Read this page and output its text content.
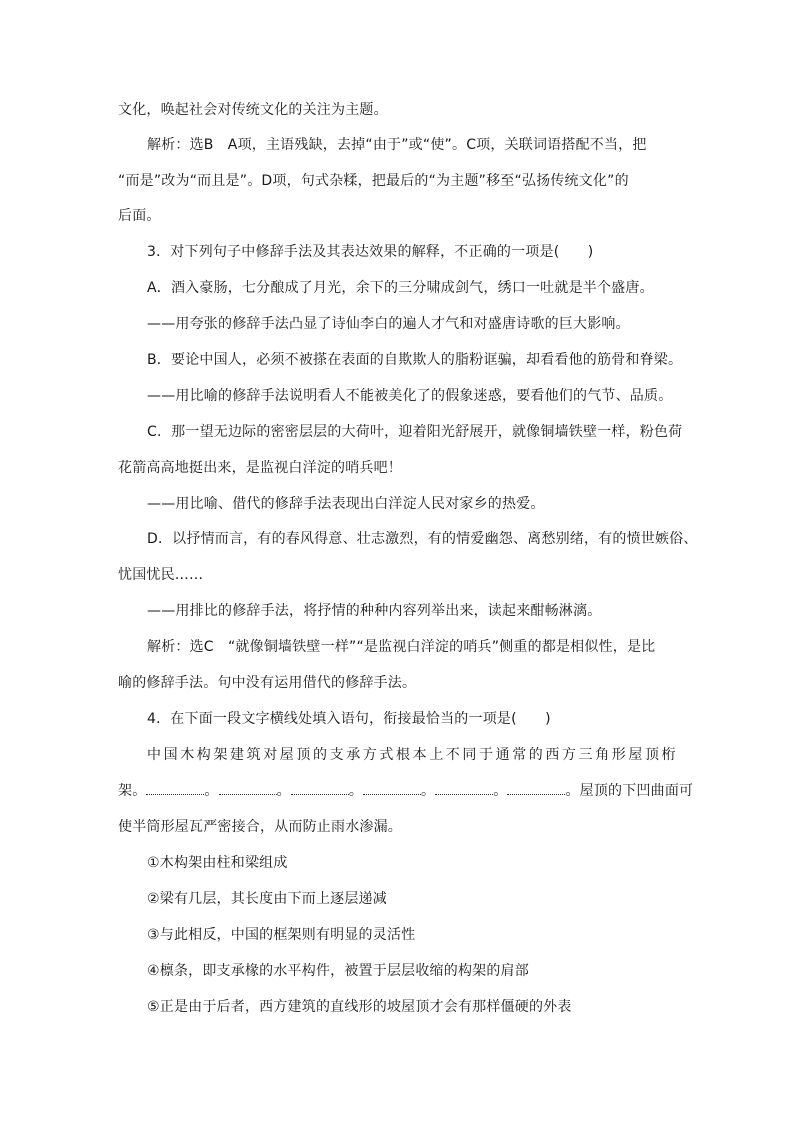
文化，唤起社会对传统文化的关注为主题。
解析：选B　A项，主语残缺，去掉“由于”或“使”。C项，关联词语搭配不当，把
“而是”改为“而且是”。D项，句式杂糅，把最后的“为主题”移至“弘扬传统文化”的
后面。
3．对下列句子中修辞手法及其表达效果的解释，不正确的一项是(　　)
A．酒入豪肠，七分酿成了月光，余下的三分啸成剑气，绣口一吐就是半个盛唐。
——用夸张的修辞手法凸显了诗仙李白的遍人才气和对盛唐诗歌的巨大影响。
B．要论中国人，必须不被搽在表面的自欺欺人的脂粉诓骗，却看看他的筋骨和脊梁。
——用比喻的修辞手法说明看人不能被美化了的假象迷惑，要看他们的气节、品质。
C．那一望无边际的密密层层的大荷叶，迎着阳光舒展开，就像铜墙铁壁一样，粉色荷
花箭高高地挺出来，是监视白洋淀的哨兵吧！
——用比喻、借代的修辞手法表现出白洋淀人民对家乡的热爱。
D．以抒情而言，有的春风得意、壮志激烈，有的情爱幽怨、离愁别绪，有的愤世嫉俗、
忧国忧民……
——用排比的修辞手法，将抒情的种种内容列举出来，读起来酣畅淋漓。
解析：选C　“就像铜墙铁壁一样”“是监视白洋淀的哨兵”侧重的都是相似性，是比
喻的修辞手法。句中没有运用借代的修辞手法。
4．在下面一段文字横线处填入语句，衔接最恰当的一项是(　　)
中国木构架建筑对屋顶的支承方式根本上不同于通常的西方三角形屋顶桁
架。	。	。	。	。	。	。屋顶的下凹曲面可
使半筒形屋瓦严密接合，从而防止雨水渗漏。
①木构架由柱和梁组成
②梁有几层，其长度由下而上逐层递减
③与此相反，中国的框架则有明显的灵活性
④檩条，即支承椽的水平构件，被置于层层收缩的构架的肩部
⑤正是由于后者，西方建筑的直线形的坡屋顶才会有那样僵硬的外表
